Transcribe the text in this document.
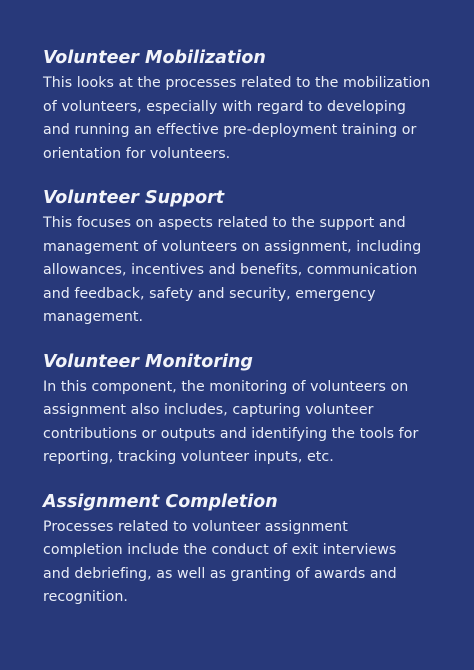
Volunteer Mobilization

This looks at the processes related to the mobilization
of volunteers, especially with regard to developing
and running an effective pre-deployment training or
orientation for volunteers.

Volunteer Support

This focuses on aspects related to the support and
management of volunteers on assignment, including
allowances, incentives and benefits, communication
and feedback, safety and security, emergency
management.

Volunteer Monitoring

In this component, the monitoring of volunteers on
assignment also includes, capturing volunteer
contributions or outputs and identifying the tools for
reporting, tracking volunteer inputs, etc.

Assignment Completion

Processes related to volunteer assignment
completion include the conduct of exit interviews
and debriefing, as well as granting of awards and
recognition.
